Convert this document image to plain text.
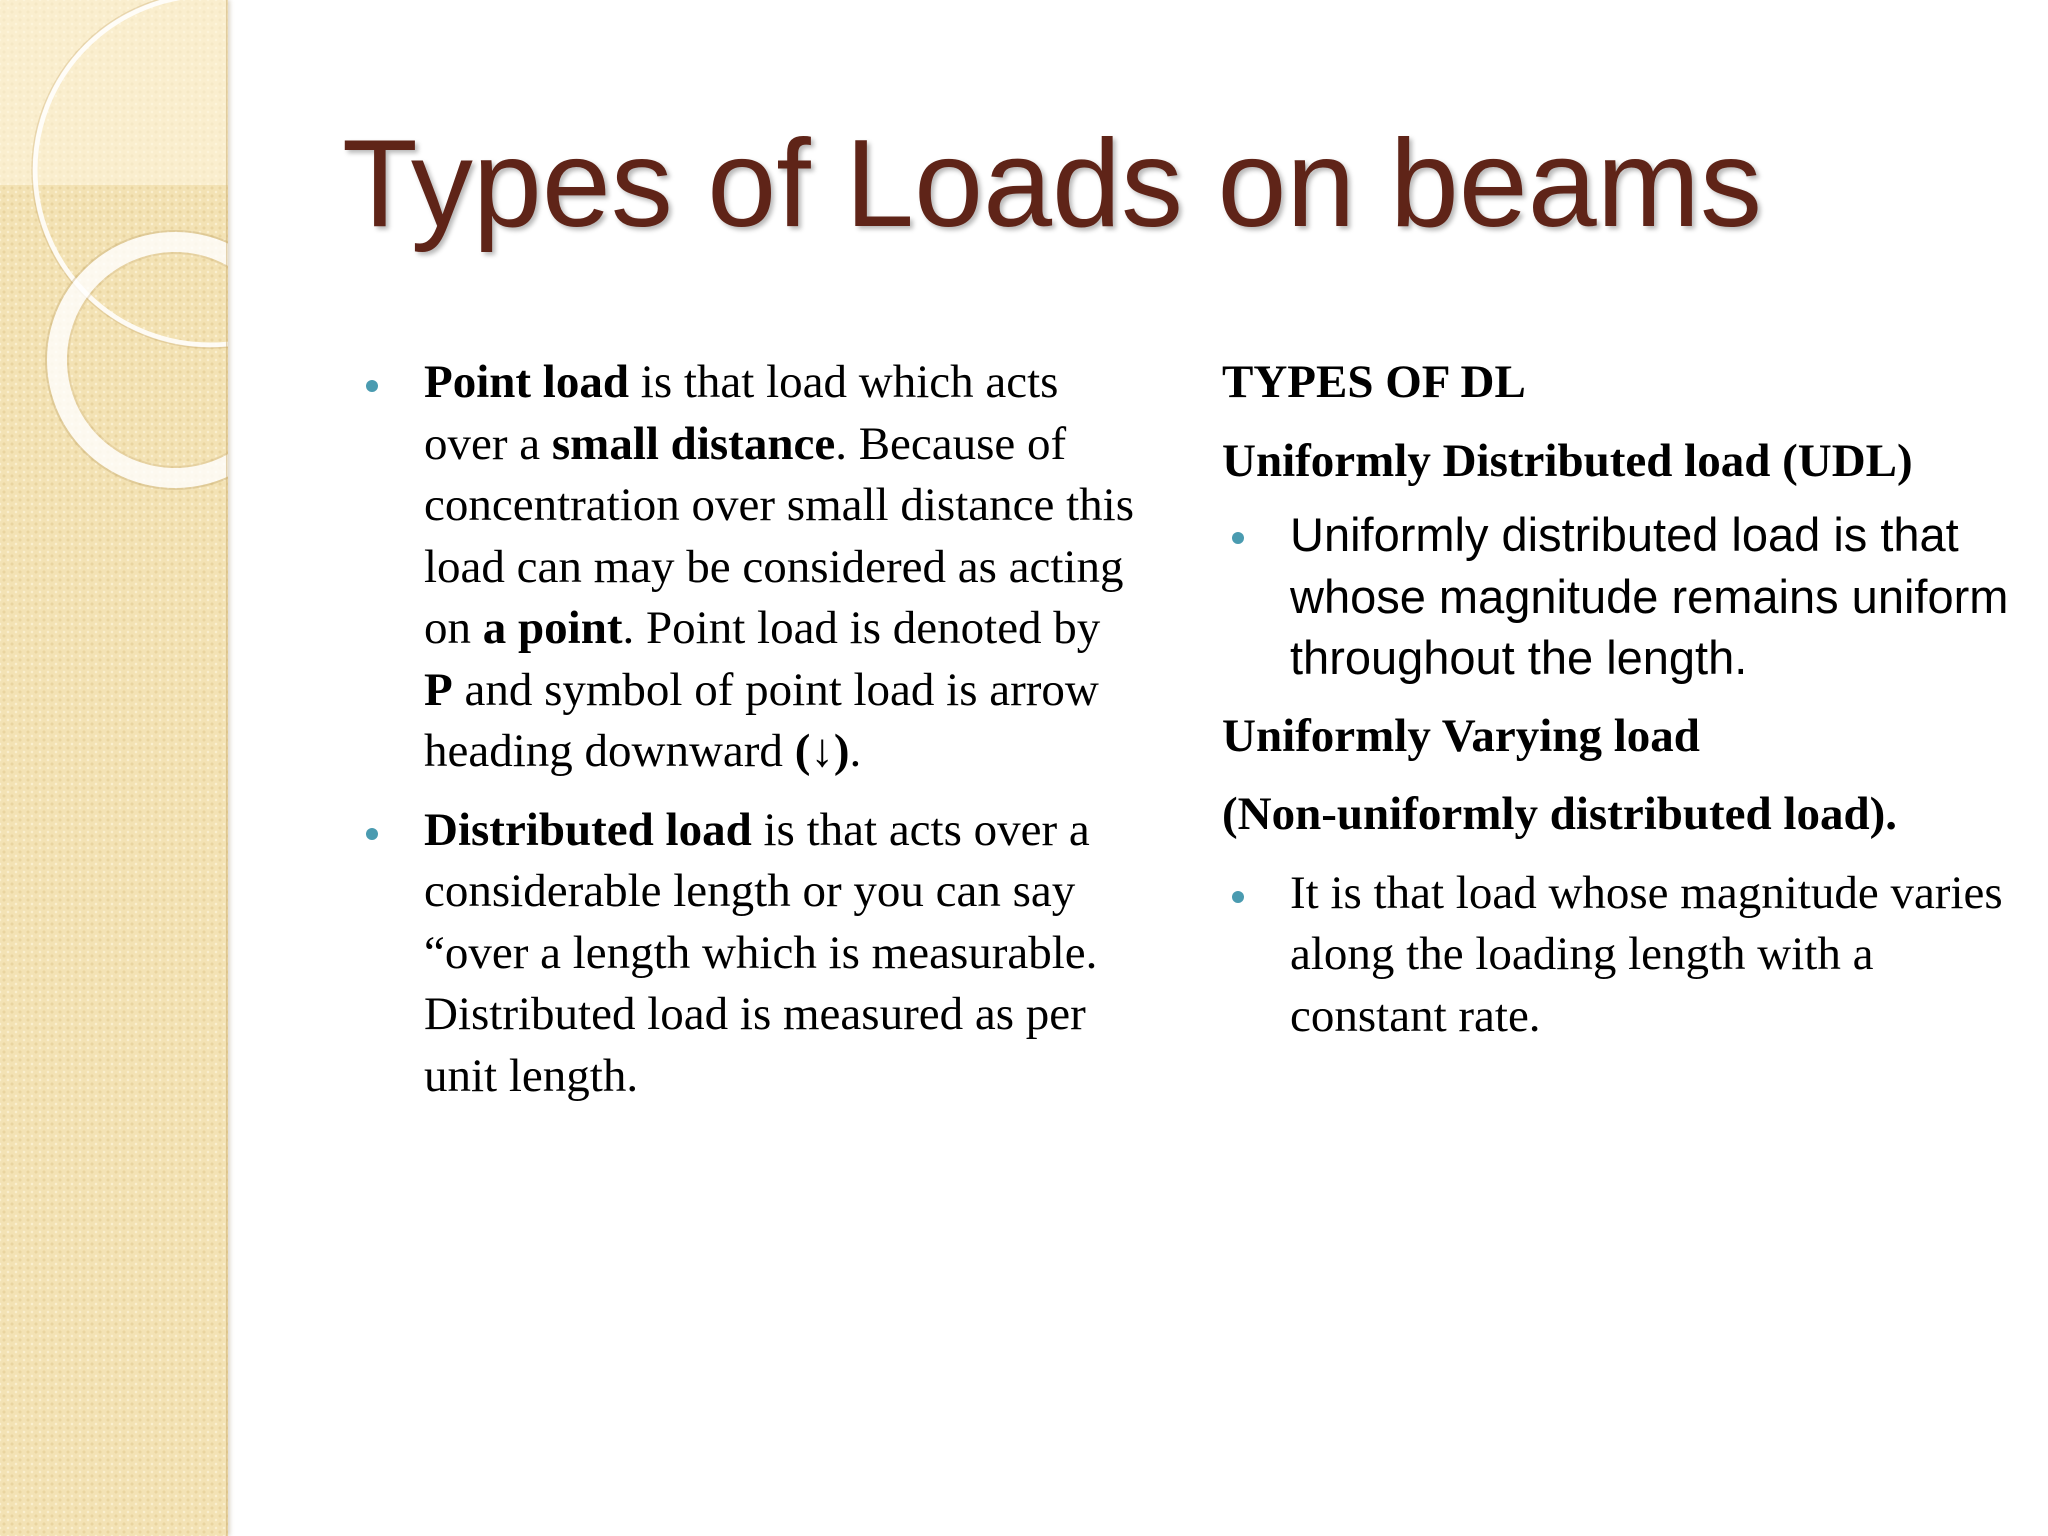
Types of Loads on beams

Point load is that load which acts over a small distance. Because of concentration over small distance this load can may be considered as acting on a point. Point load is denoted by P and symbol of point load is arrow heading downward (↓).

Distributed load is that acts over a considerable length or you can say “over a length which is measurable. Distributed load is measured as per unit length.

TYPES OF DL

Uniformly Distributed load (UDL)

Uniformly distributed load is that whose magnitude remains uniform throughout the length.

Uniformly Varying load

(Non-uniformly distributed load).

It is that load whose magnitude varies along the loading length with a constant rate.
